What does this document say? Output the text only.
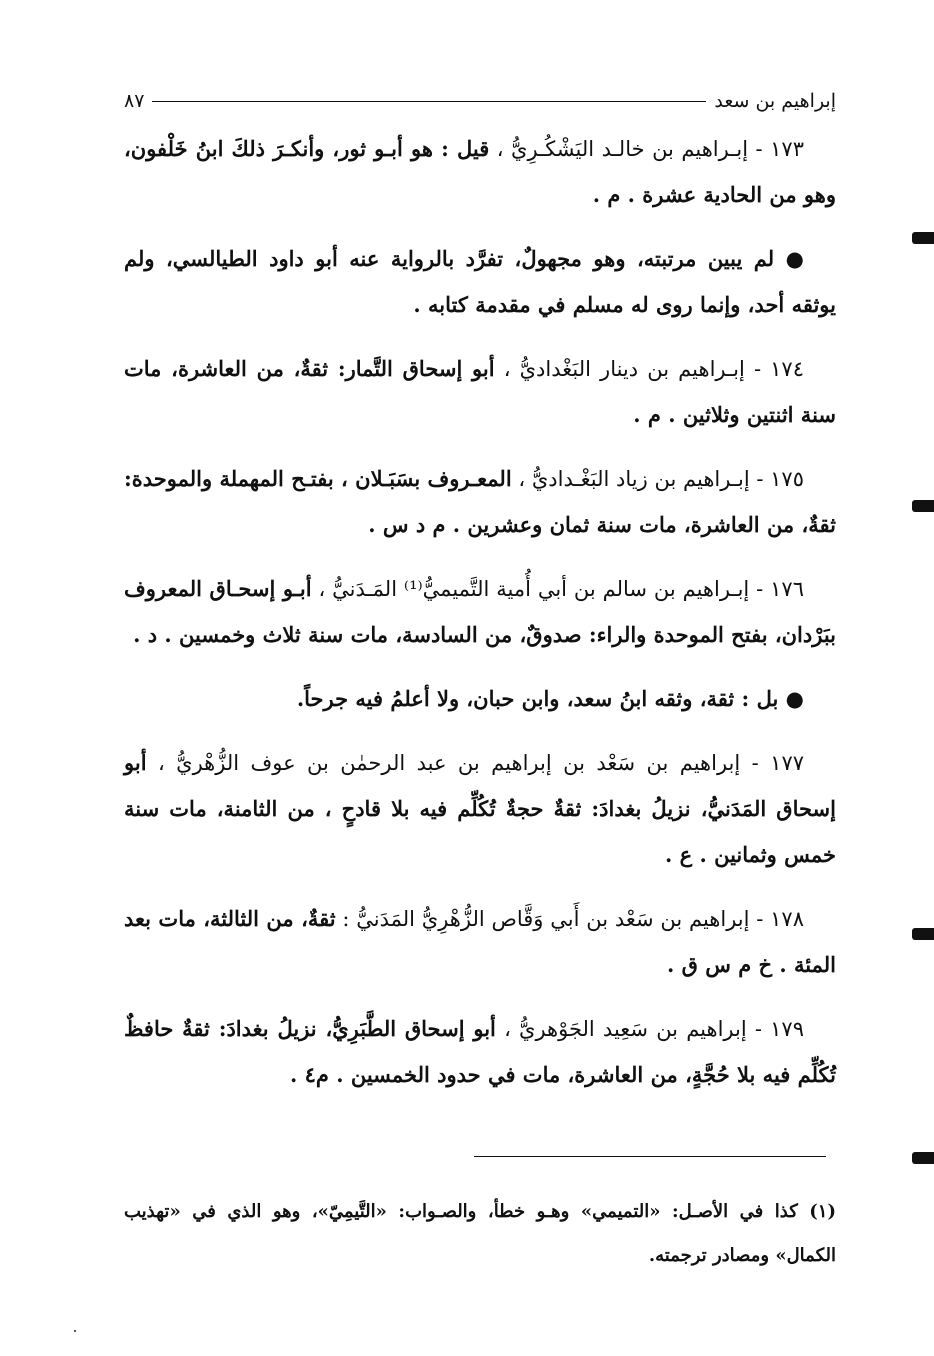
إبراهيم بن سعد
٨٧

١٧٣ - إبـراهيم بن خالـد اليَشْكُـرِيُّ ، قيل : هو أبـو ثور، وأنكـرَ ذلكَ ابنُ خَلْفون، وهو من الحادية عشرة . م .

● لم يبين مرتبته، وهو مجهولٌ، تفرَّد بالرواية عنه أبو داود الطيالسي، ولم يوثقه أحد، وإنما روى له مسلم في مقدمة كتابه .

١٧٤ - إبـراهيم بن دينار البَغْداديُّ ، أبو إسحاق التَّمار: ثقةٌ، من العاشرة، مات سنة اثنتين وثلاثين . م .

١٧٥ - إبـراهيم بن زياد البَغْـداديُّ ، المعـروف بسَبَـلان ، بفتـح المهملة والموحدة: ثقةٌ، من العاشرة، مات سنة ثمان وعشرين . م د س .

١٧٦ - إبـراهيم بن سالم بن أبي أُمية التَّميميُّ⁽¹⁾ المَـدَنيُّ ، أبـو إسحـاق المعروف ببَرْدان، بفتح الموحدة والراء: صدوقٌ، من السادسة، مات سنة ثلاث وخمسين . د .

● بل : ثقة، وثقه ابنُ سعد، وابن حبان، ولا أعلمُ فيه جرحاً.

١٧٧ - إبراهيم بن سَعْد بن إبراهيم بن عبد الرحمٰن بن عوف الزُّهْريُّ ، أبو إسحاق المَدَنيُّ، نزيلُ بغدادَ: ثقةٌ حجةٌ تُكُلِّم فيه بلا قادحٍ ، من الثامنة، مات سنة خمس وثمانين . ع .

١٧٨ - إبراهيم بن سَعْد بن أَبي وَقَّاص الزُّهْرِيُّ المَدَنيُّ : ثقةٌ، من الثالثة، مات بعد المئة . خ م س ق .

١٧٩ - إبراهيم بن سَعِيد الجَوْهريُّ ، أبو إسحاق الطَّبَرِيُّ، نزيلُ بغدادَ: ثقةٌ حافظٌ تُكُلِّم فيه بلا حُجَّةٍ، من العاشرة، مات في حدود الخمسين . م٤ .

(١) كذا في الأصـل: «التميمي» وهـو خطأ، والصـواب: «التَّيمِيّ»، وهو الذي في «تهذيب الكمال» ومصادر ترجمته.
